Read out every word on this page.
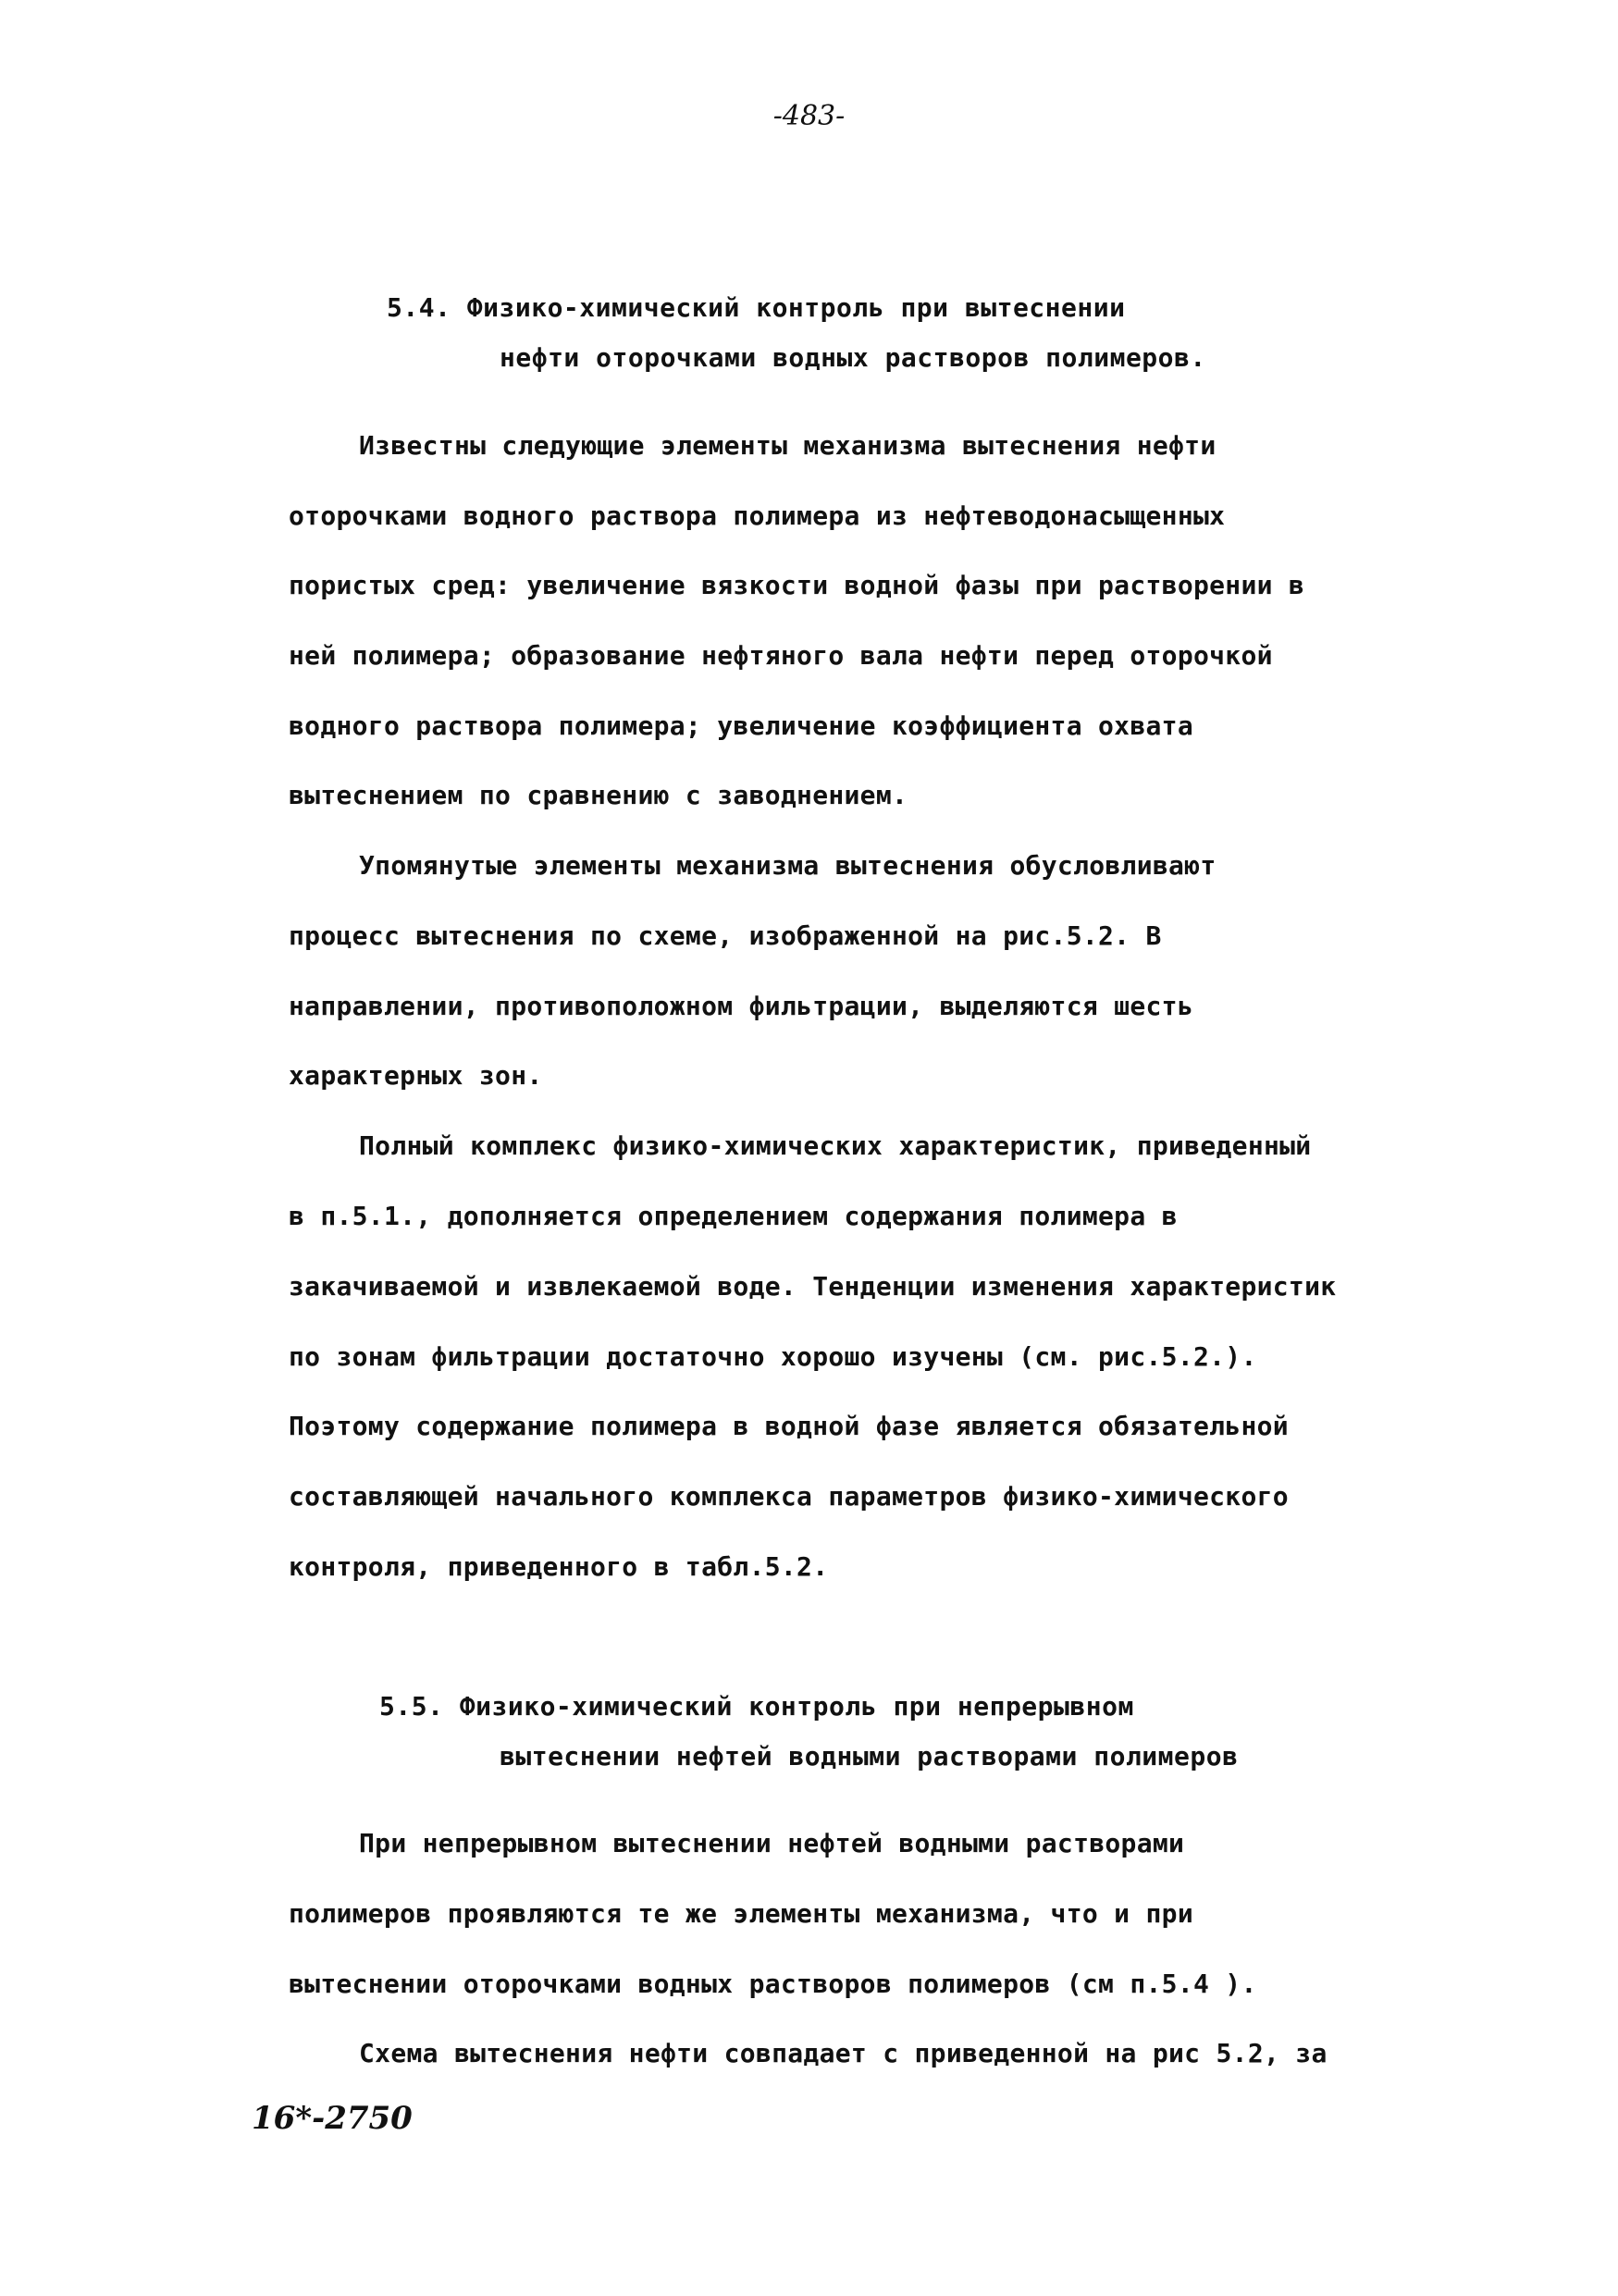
-483-
5.4. Физико-химический контроль при вытеснении
нефти оторочками водных растворов полимеров.
Известны следующие элементы механизма вытеснения нефти
оторочками водного раствора полимера из нефтеводонасыщенных
пористых сред: увеличение вязкости водной фазы при растворении в
ней полимера; образование нефтяного вала нефти перед оторочкой
водного раствора полимера; увеличение коэффициента охвата
вытеснением по сравнению с заводнением.
Упомянутые элементы механизма вытеснения обусловливают
процесс вытеснения по схеме, изображенной на рис.5.2. В
направлении, противоположном фильтрации, выделяются шесть
характерных зон.
Полный комплекс физико-химических характеристик, приведенный
в п.5.1., дополняется определением содержания полимера в
закачиваемой и извлекаемой воде. Тенденции изменения характеристик
по зонам фильтрации достаточно хорошо изучены (см. рис.5.2.).
Поэтому содержание полимера в водной фазе является обязательной
составляющей начального комплекса параметров физико-химического
контроля, приведенного в табл.5.2.
5.5. Физико-химический контроль при непрерывном
вытеснении нефтей водными растворами полимеров
При непрерывном вытеснении нефтей водными растворами
полимеров проявляются те же элементы механизма, что и при
вытеснении оторочками водных растворов полимеров (см п.5.4 ).
Схема вытеснения нефти совпадает с приведенной на рис 5.2, за
16*-2750
